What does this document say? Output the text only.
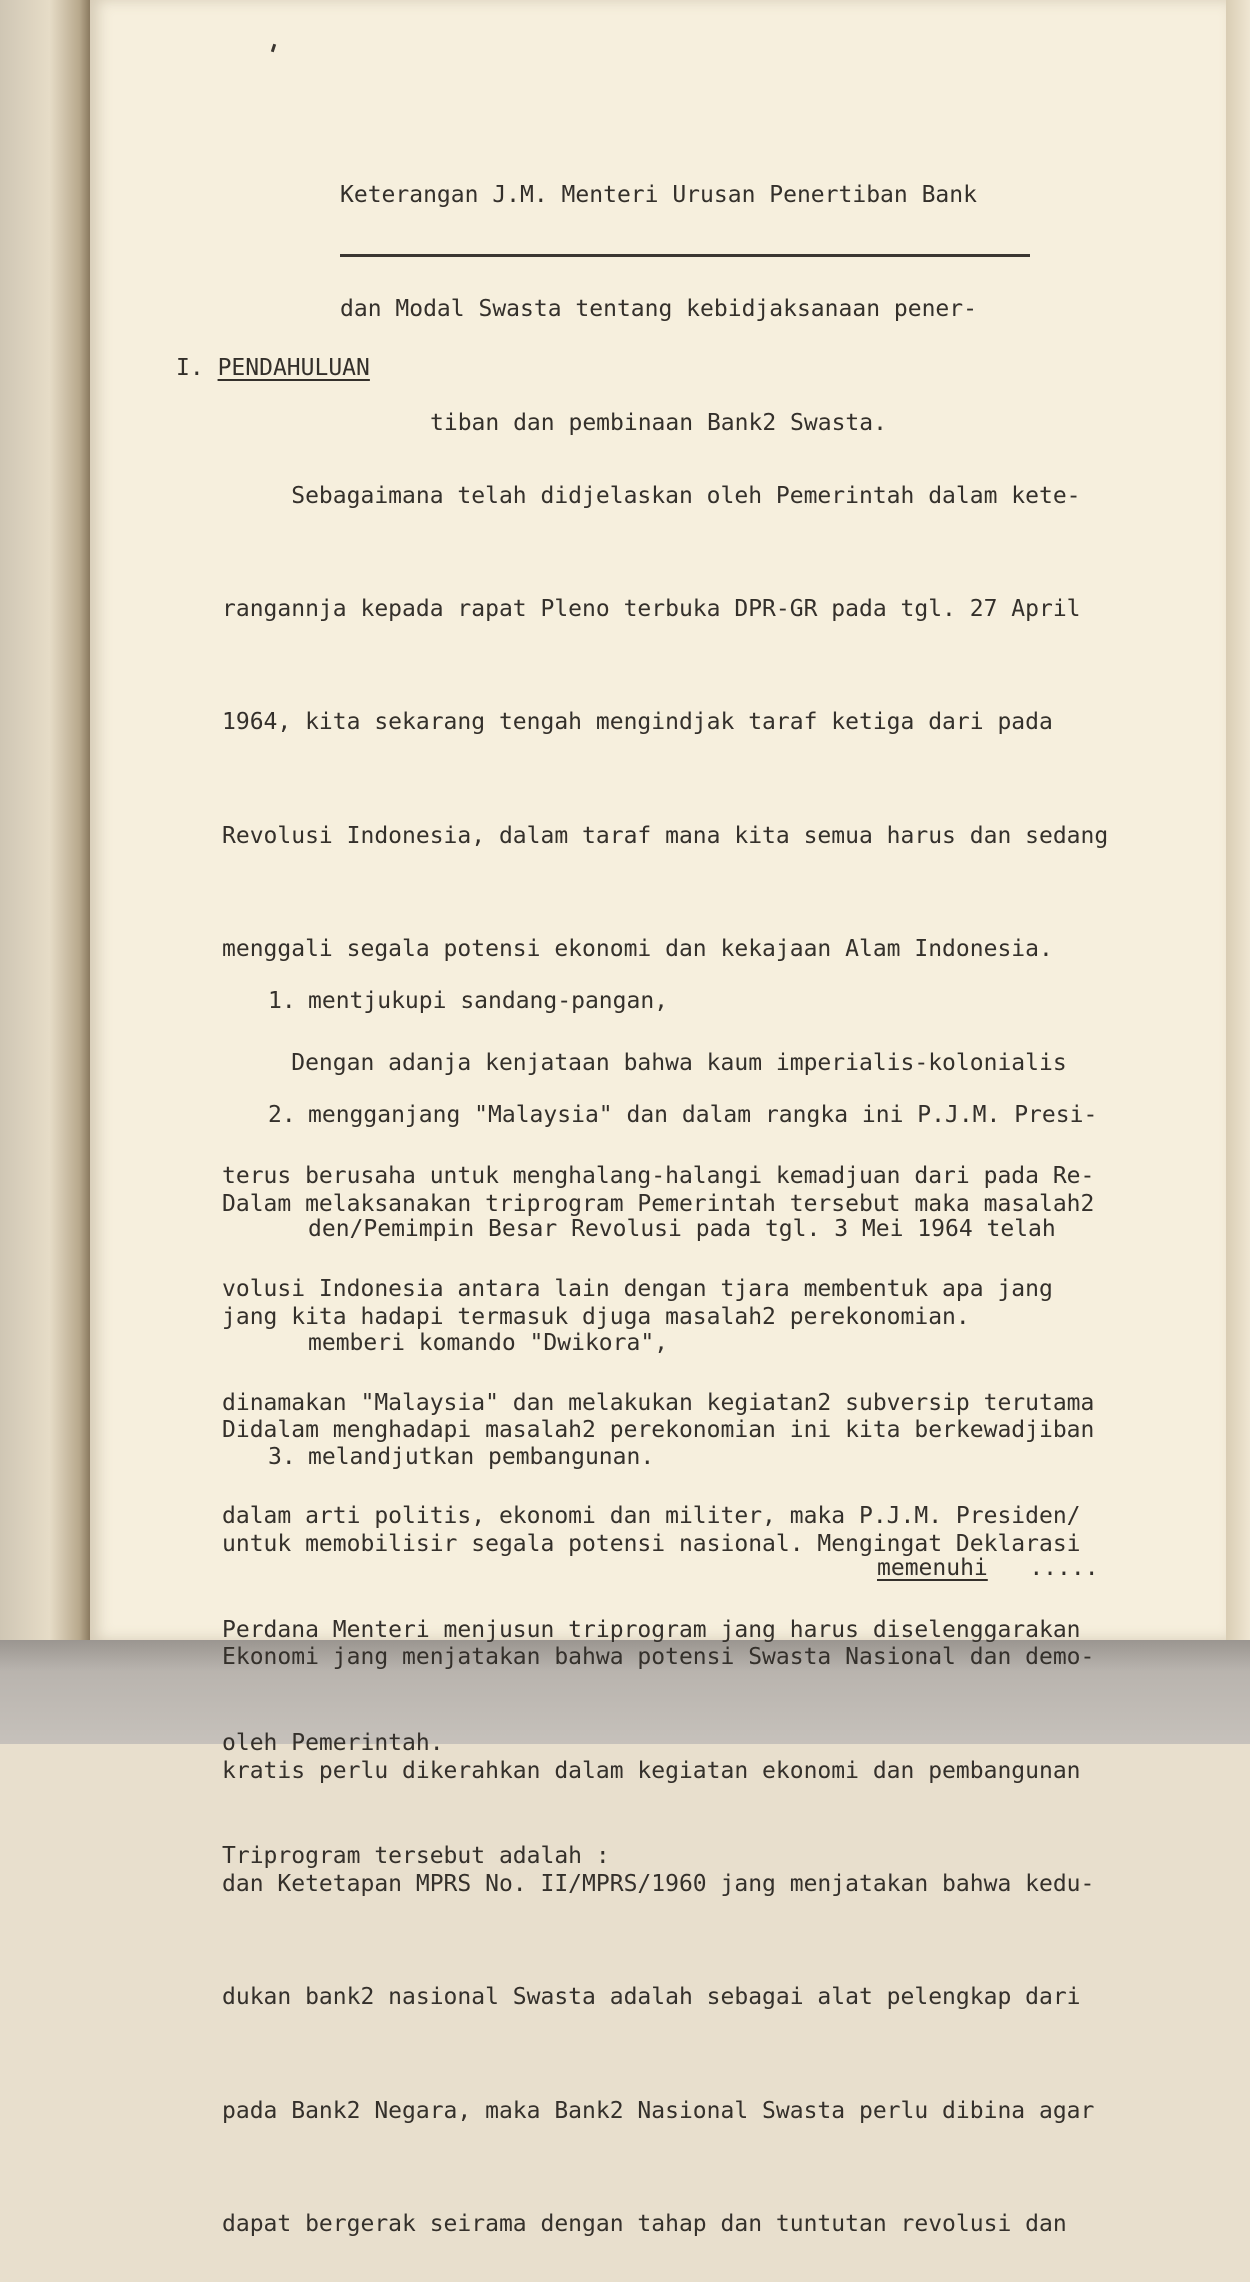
Keterangan J.M. Menteri Urusan Penertiban Bank

dan Modal Swasta tentang kebidjaksanaan pener-

tiban dan pembinaan Bank2 Swasta.

I. PENDAHULUAN

Sebagaimana telah didjelaskan oleh Pemerintah dalam kete-

rangannja kepada rapat Pleno terbuka DPR-GR pada tgl. 27 April

1964, kita sekarang tengah mengindjak taraf ketiga dari pada

Revolusi Indonesia, dalam taraf mana kita semua harus dan sedang

menggali segala potensi ekonomi dan kekajaan Alam Indonesia.

Dengan adanja kenjataan bahwa kaum imperialis-kolonialis

terus berusaha untuk menghalang-halangi kemadjuan dari pada Re-

volusi Indonesia antara lain dengan tjara membentuk apa jang

dinamakan "Malaysia" dan melakukan kegiatan2 subversip terutama

dalam arti politis, ekonomi dan militer, maka P.J.M. Presiden/

Perdana Menteri menjusun triprogram jang harus diselenggarakan

oleh Pemerintah.

Triprogram tersebut adalah :

1. mentjukupi sandang-pangan,

2. mengganjang "Malaysia" dan dalam rangka ini P.J.M. Presi-

den/Pemimpin Besar Revolusi pada tgl. 3 Mei 1964 telah

memberi komando "Dwikora",

3. melandjutkan pembangunan.

Dalam melaksanakan triprogram Pemerintah tersebut maka masalah2

jang kita hadapi termasuk djuga masalah2 perekonomian.

Didalam menghadapi masalah2 perekonomian ini kita berkewadjiban

untuk memobilisir segala potensi nasional. Mengingat Deklarasi

Ekonomi jang menjatakan bahwa potensi Swasta Nasional dan demo-

kratis perlu dikerahkan dalam kegiatan ekonomi dan pembangunan

dan Ketetapan MPRS No. II/MPRS/1960 jang menjatakan bahwa kedu-

dukan bank2 nasional Swasta adalah sebagai alat pelengkap dari

pada Bank2 Negara, maka Bank2 Nasional Swasta perlu dibina agar

dapat bergerak seirama dengan tahap dan tuntutan revolusi dan

memenuhi .....
